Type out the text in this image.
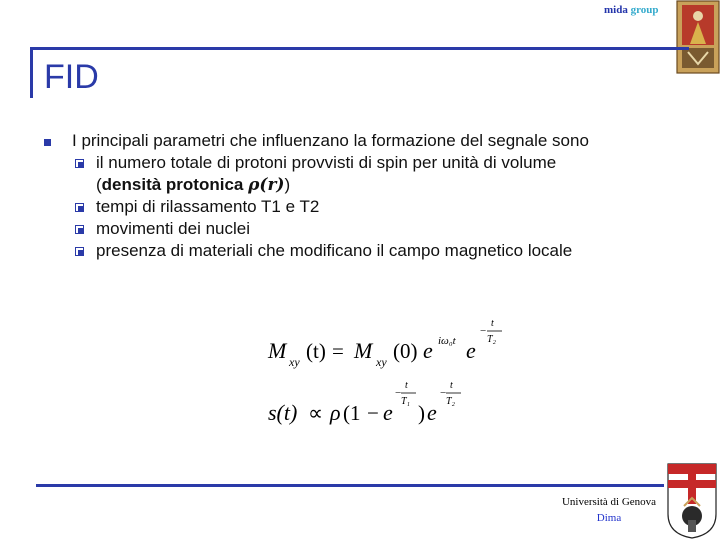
mida group
FID
I principali parametri che influenzano la formazione del segnale sono
il numero totale di protoni provvisti di spin per unità di volume
(densità protonica ρ(r))
tempi di rilassamento T1 e T2
movimenti dei nuclei
presenza di materiali che modificano il campo magnetico locale
M xy (t) = M xy (0) e iω₀t e
−
t
T₂
s(t) ∝ ρ (1 − e
−
t
T₁ ) e
−
t
T₂
Università di Genova
Dima
